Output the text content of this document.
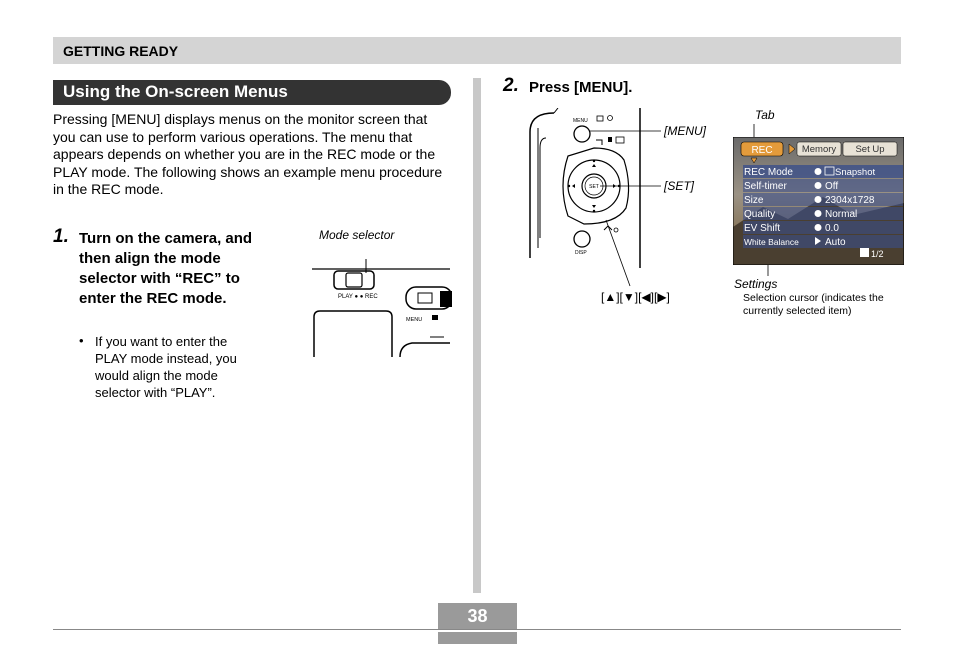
GETTING READY
Using the On-screen Menus
Pressing [MENU] displays menus on the monitor screen that you can use to perform various operations. The menu that appears depends on whether you are in the REC mode or the PLAY mode. The following shows an example menu procedure in the REC mode.
1. Turn on the camera, and then align the mode selector with “REC” to enter the REC mode.
• If you want to enter the PLAY mode instead, you would align the mode selector with “PLAY”.
Mode selector
PLAY ● ● REC
MENU
2. Press [MENU].
MENU
SET
DISP
[MENU]
[SET]
[▲][▼][◀][▶]
Tab
Settings
Selection cursor (indicates the currently selected item)
REC	Memory Set Up
REC Mode
Self-timer
Size
Quality
EV Shift
White Balance
Snapshot
Off
2304x1728
Normal
0.0
Auto
1/2
38
